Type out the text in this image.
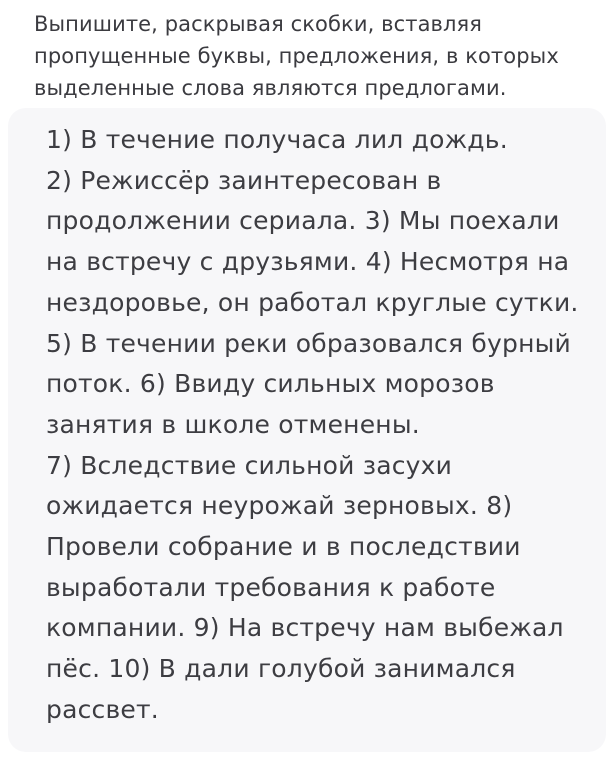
Выпишите, раскрывая скобки, вставляя
пропущенные буквы, предложения, в которых
выделенные слова являются предлогами.
1) В течение получаса лил дождь.
2) Режиссёр заинтересован в
продолжении сериала. 3) Мы поехали
на встречу с друзьями. 4) Несмотря на
нездоровье, он работал круглые сутки.
5) В течении реки образовался бурный
поток. 6) Ввиду сильных морозов
занятия в школе отменены.
7) Вследствие сильной засухи
ожидается неурожай зерновых. 8)
Провели собрание и в последствии
выработали требования к работе
компании. 9) На встречу нам выбежал
пёс. 10) В дали голубой занимался
рассвет.
